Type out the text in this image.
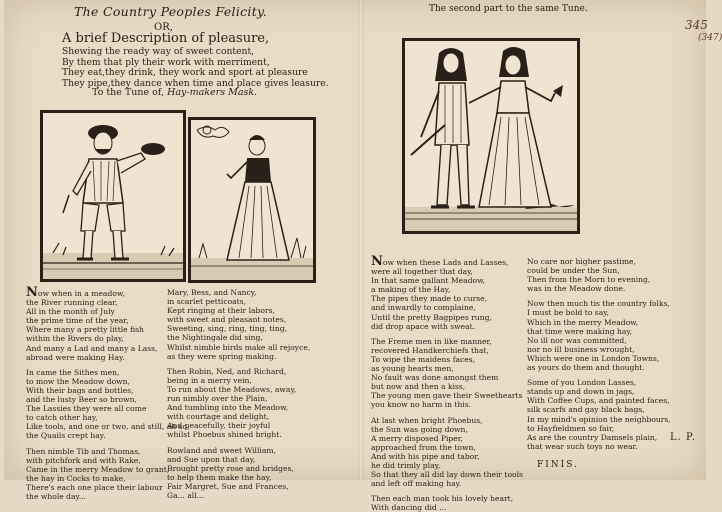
The Country Peoples Felicity.
OR,
A brief Description of pleasure,
Shewing the ready way of sweet content,
By them that ply their work with merriment,
They eat,they drink, they work and sport at pleasure
They pipe,they dance when time and place gives leasure.
To the Tune of, Hay-makers Mask.
The second part to the same Tune.
345
(347)
Now when in a meadow,
the River running clear,
All in the month of July
the prime time of the year,
Where many a pretty little fish
within the Rivers do play,
And many a Lad and many a Lass,
abroad were making Hay.
In came the Sithes men,
to mow the Meadow down,
With their bags and bottles,
and the lusty Beer so brown,
The Lassies they were all come
to catch other hay,
Like tools, and one or two, and still, ah so,
the Quails crept hay.
Then nimble Tib and Thomas,
with pitchfork and with Rake,
Came in the merry Meadow to grant,
the hay in Cocks to make,
There's each one place their labour
the whole day...
Mary, Bess, and Nancy,
in scarlet petticoats,
Kept ringing at their labors,
with sweet and pleasant notes,
Sweeting, sing, ring, ting, ting,
the Nightingale did sing,
Whilst nimble birds make all rejoyce,
as they were spring making.
Then Robin, Ned, and Richard,
being in a merry vein,
To run about the Meadows, away,
run nimbly over the Plain,
And tumbling into the Meadow,
with courtage and delight,
And peacefully, their joyful
whilst Phoebus shined bright.
Rowland and sweet William,
and Sue upon that day,
Brought pretty rose and bridges,
to help them make the hay,
Fair Margret, Sue and Frances,
Ga... all...
Now when these Lads and Lasses,
were all together that day,
In that same gallant Meadow,
a making of the Hay,
The pipes they made to curse,
and inwardly to complaine,
Until the pretty Bagpipes rung,
did drop apace with sweat.
The Freme men in like manner,
recovered Handkerchiefs that,
To wipe the maidens faces,
as young hearts men,
No fault was done amongst them
but now and then a kiss,
The young men gave their Sweethearts
you know no harm in this.
At last when bright Phoebus,
the Sun was going down,
A merry disposed Piper,
approached from the town,
And with his pipe and tabor,
he did trimly play,
So that they all did lay down their tools
and left off making hay.
Then each man took his lovely heart,
With dancing did ...
No care nor higher pastime,
could be under the Sun,
Then from the Morn to evening,
was in the Meadow done.
Now then much tis the country folks,
I must be bold to say,
Which in the merry Meadow,
that time were making hay,
No ill nor was committed,
nor no ill business wrought,
Which were one in London Towns,
as yours do them and thought.
Some of you London Lasses,
stands up and down in jags,
With Coffee Cups, and painted faces,
silk scarfs and gay black bags,
In my mind's opinion the neighbours,
to Hayfieldmen so fair,
As are the country Damsels plain,
that wear such toys no wear.
L. P.
FINIS.
